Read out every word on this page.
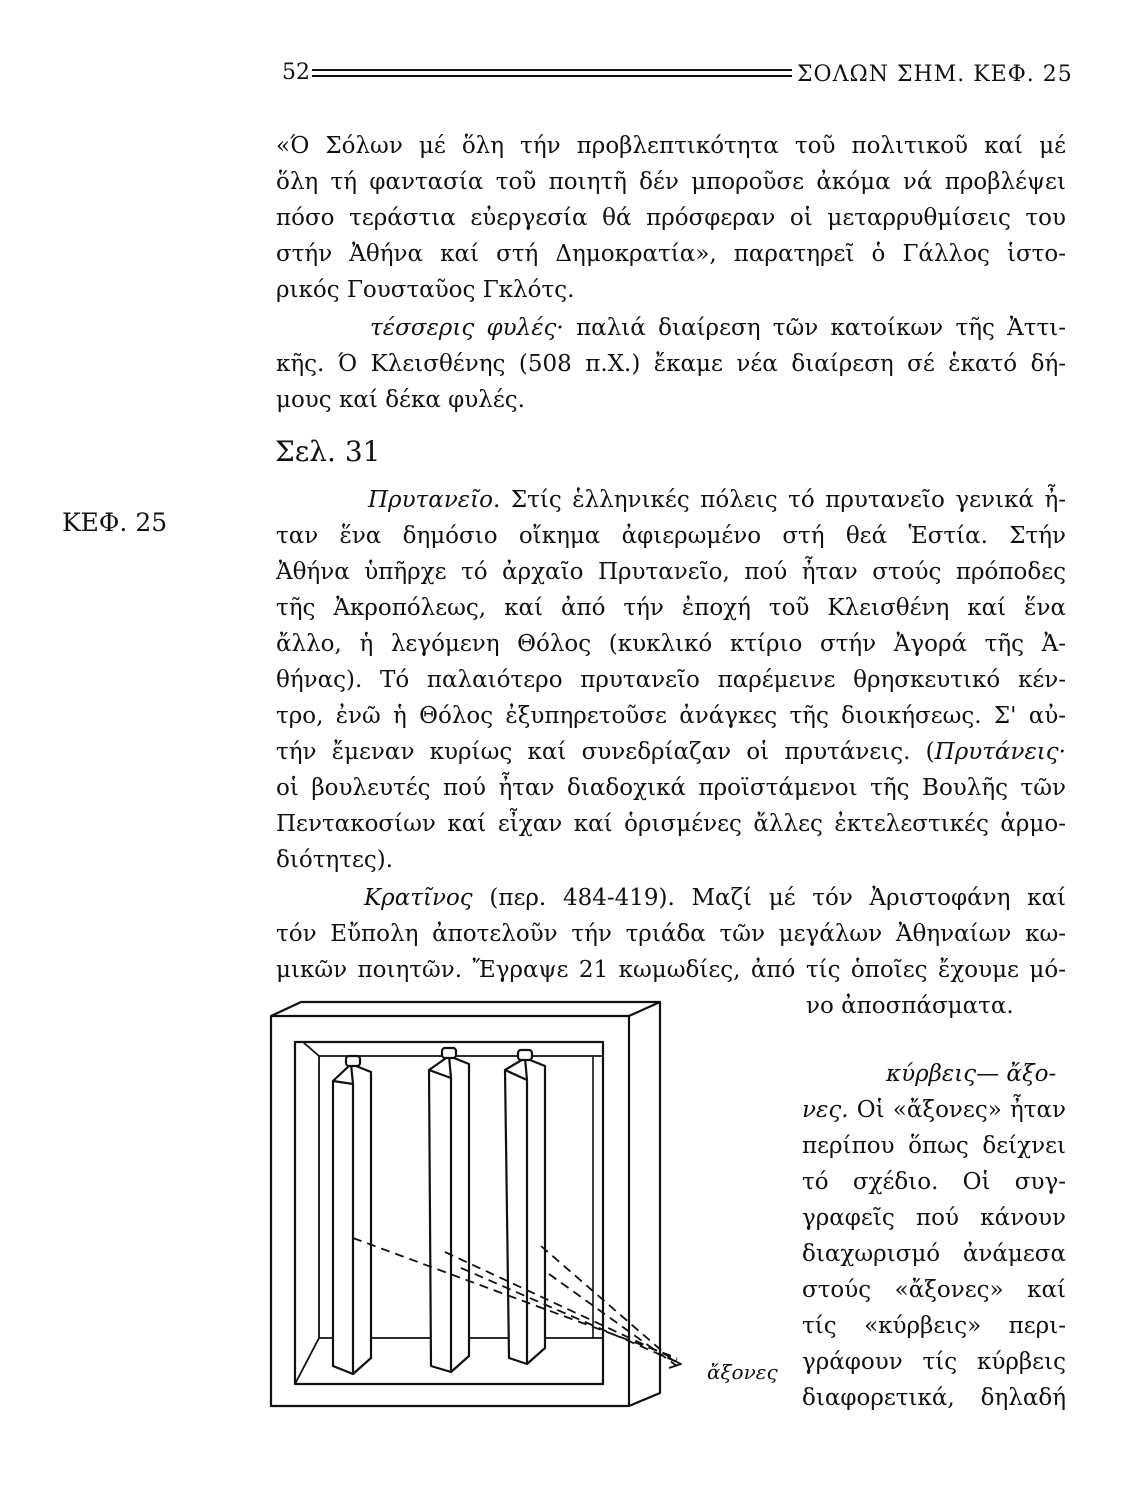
52	ΣΟΛΩΝ ΣΗΜ. ΚΕΦ. 25
«Ό Σόλων μέ ὅλη τήν προβλεπτικότητα τοῦ πολιτικοῦ καί μέ
ὅλη τή φαντασία τοῦ ποιητῆ δέν μποροῦσε ἀκόμα νά προβλέψει
πόσο τεράστια εὐεργεσία θά πρόσφεραν οἱ μεταρρυθμίσεις του
στήν Ἀθήνα καί στή Δημοκρατία», παρατηρεῖ ὁ Γάλλος ἱστο-
ρικός Γουσταῦος Γκλότς.
τέσσερις φυλές· παλιά διαίρεση τῶν κατοίκων τῆς Ἀττι-
κῆς. Ό Κλεισθένης (508 π.Χ.) ἔκαμε νέα διαίρεση σέ ἑκατό δή-
μους καί δέκα φυλές.
ΚΕΦ. 25
Σελ. 31
Πρυτανεῖο. Στίς ἑλληνικές πόλεις τό πρυτανεῖο γενικά ἦ-
ταν ἕνα δημόσιο οἴκημα ἀφιερωμένο στή θεά Ἑστία. Στήν
Ἀθήνα ὑπῆρχε τό ἀρχαῖο Πρυτανεῖο, πού ἦταν στούς πρόποδες
τῆς Ἀκροπόλεως, καί ἀπό τήν ἐποχή τοῦ Κλεισθένη καί ἕνα
ἄλλο, ἡ λεγόμενη Θόλος (κυκλικό κτίριο στήν Ἀγορά τῆς Ἀ-
θήνας). Τό παλαιότερο πρυτανεῖο παρέμεινε θρησκευτικό κέν-
τρο, ἐνῶ ἡ Θόλος ἐξυπηρετοῦσε ἀνάγκες τῆς διοικήσεως. Σ' αὐ-
τήν ἔμεναν κυρίως καί συνεδρίαζαν οἱ πρυτάνεις. (Πρυτάνεις·
οἱ βουλευτές πού ἦταν διαδοχικά προϊστάμενοι τῆς Βουλῆς τῶν
Πεντακοσίων καί εἶχαν καί ὁρισμένες ἄλλες ἐκτελεστικές ἁρμο-
διότητες).
Κρατῖνος (περ. 484-419). Μαζί μέ τόν Ἀριστοφάνη καί
τόν Εὔπολη ἀποτελοῦν τήν τριάδα τῶν μεγάλων Ἀθηναίων κω-
μικῶν ποιητῶν. Ἔγραψε 21 κωμωδίες, ἀπό τίς ὁποῖες ἔχουμε μό-
νο ἀποσπάσματα.
κύρβεις— ἄξο-
νες. Οἱ «ἄξονες» ἦταν
περίπου ὅπως δείχνει
τό σχέδιο. Οἱ συγ-
γραφεῖς πού κάνουν
διαχωρισμό ἀνάμεσα
στούς «ἄξονες» καί
τίς «κύρβεις» περι-
γράφουν τίς κύρβεις
διαφορετικά, δηλαδή
ἄξονες
